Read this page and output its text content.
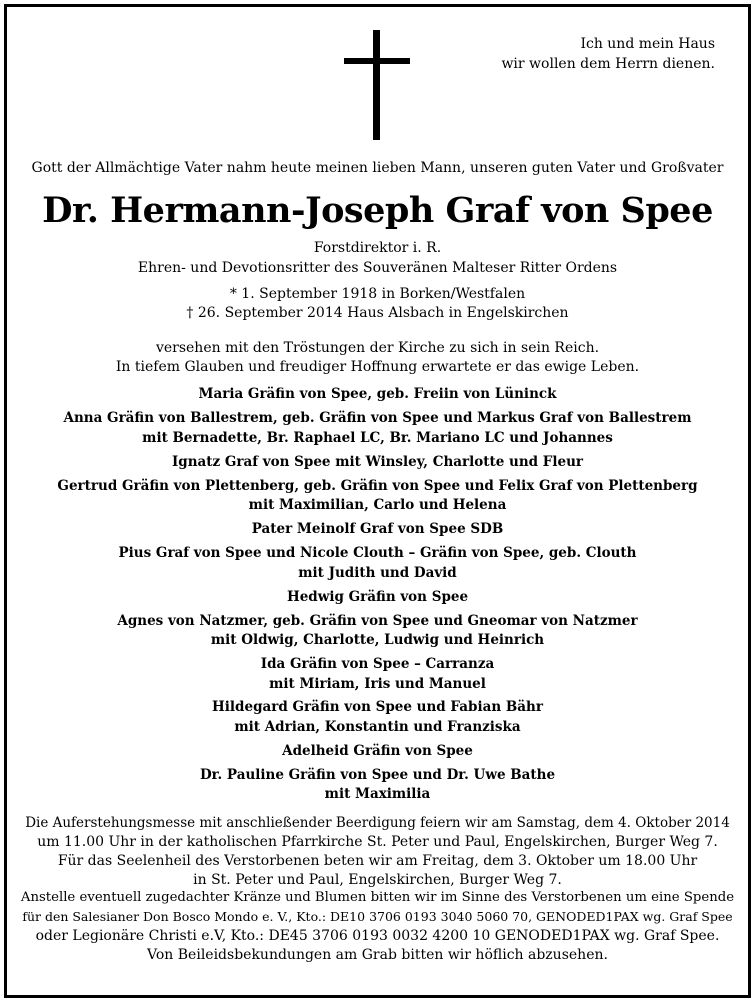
Ich und mein Haus
wir wollen dem Herrn dienen.
Gott der Allmächtige Vater nahm heute meinen lieben Mann, unseren guten Vater und Großvater
Dr. Hermann-Joseph Graf von Spee
Forstdirektor i. R.
Ehren- und Devotionsritter des Souveränen Malteser Ritter Ordens
* 1. September 1918 in Borken/Westfalen
† 26. September 2014 Haus Alsbach in Engelskirchen
versehen mit den Tröstungen der Kirche zu sich in sein Reich.
In tiefem Glauben und freudiger Hoffnung erwartete er das ewige Leben.
Maria Gräfin von Spee, geb. Freiin von Lüninck
Anna Gräfin von Ballestrem, geb. Gräfin von Spee und Markus Graf von Ballestrem
mit Bernadette, Br. Raphael LC, Br. Mariano LC und Johannes
Ignatz Graf von Spee mit Winsley, Charlotte und Fleur
Gertrud Gräfin von Plettenberg, geb. Gräfin von Spee und Felix Graf von Plettenberg
mit Maximilian, Carlo und Helena
Pater Meinolf Graf von Spee SDB
Pius Graf von Spee und Nicole Clouth – Gräfin von Spee, geb. Clouth
mit Judith und David
Hedwig Gräfin von Spee
Agnes von Natzmer, geb. Gräfin von Spee und Gneomar von Natzmer
mit Oldwig, Charlotte, Ludwig und Heinrich
Ida Gräfin von Spee – Carranza
mit Miriam, Iris und Manuel
Hildegard Gräfin von Spee und Fabian Bähr
mit Adrian, Konstantin und Franziska
Adelheid Gräfin von Spee
Dr. Pauline Gräfin von Spee und Dr. Uwe Bathe
mit Maximilia
Die Auferstehungsmesse mit anschließender Beerdigung feiern wir am Samstag, dem 4. Oktober 2014
um 11.00 Uhr in der katholischen Pfarrkirche St. Peter und Paul, Engelskirchen, Burger Weg 7.
Für das Seelenheil des Verstorbenen beten wir am Freitag, dem 3. Oktober um 18.00 Uhr
in St. Peter und Paul, Engelskirchen, Burger Weg 7.
Anstelle eventuell zugedachter Kränze und Blumen bitten wir im Sinne des Verstorbenen um eine Spende
für den Salesianer Don Bosco Mondo e. V., Kto.: DE10 3706 0193 3040 5060 70, GENODED1PAX wg. Graf Spee
oder Legionäre Christi e.V, Kto.: DE45 3706 0193 0032 4200 10 GENODED1PAX wg. Graf Spee.
Von Beileidsbekundungen am Grab bitten wir höflich abzusehen.
